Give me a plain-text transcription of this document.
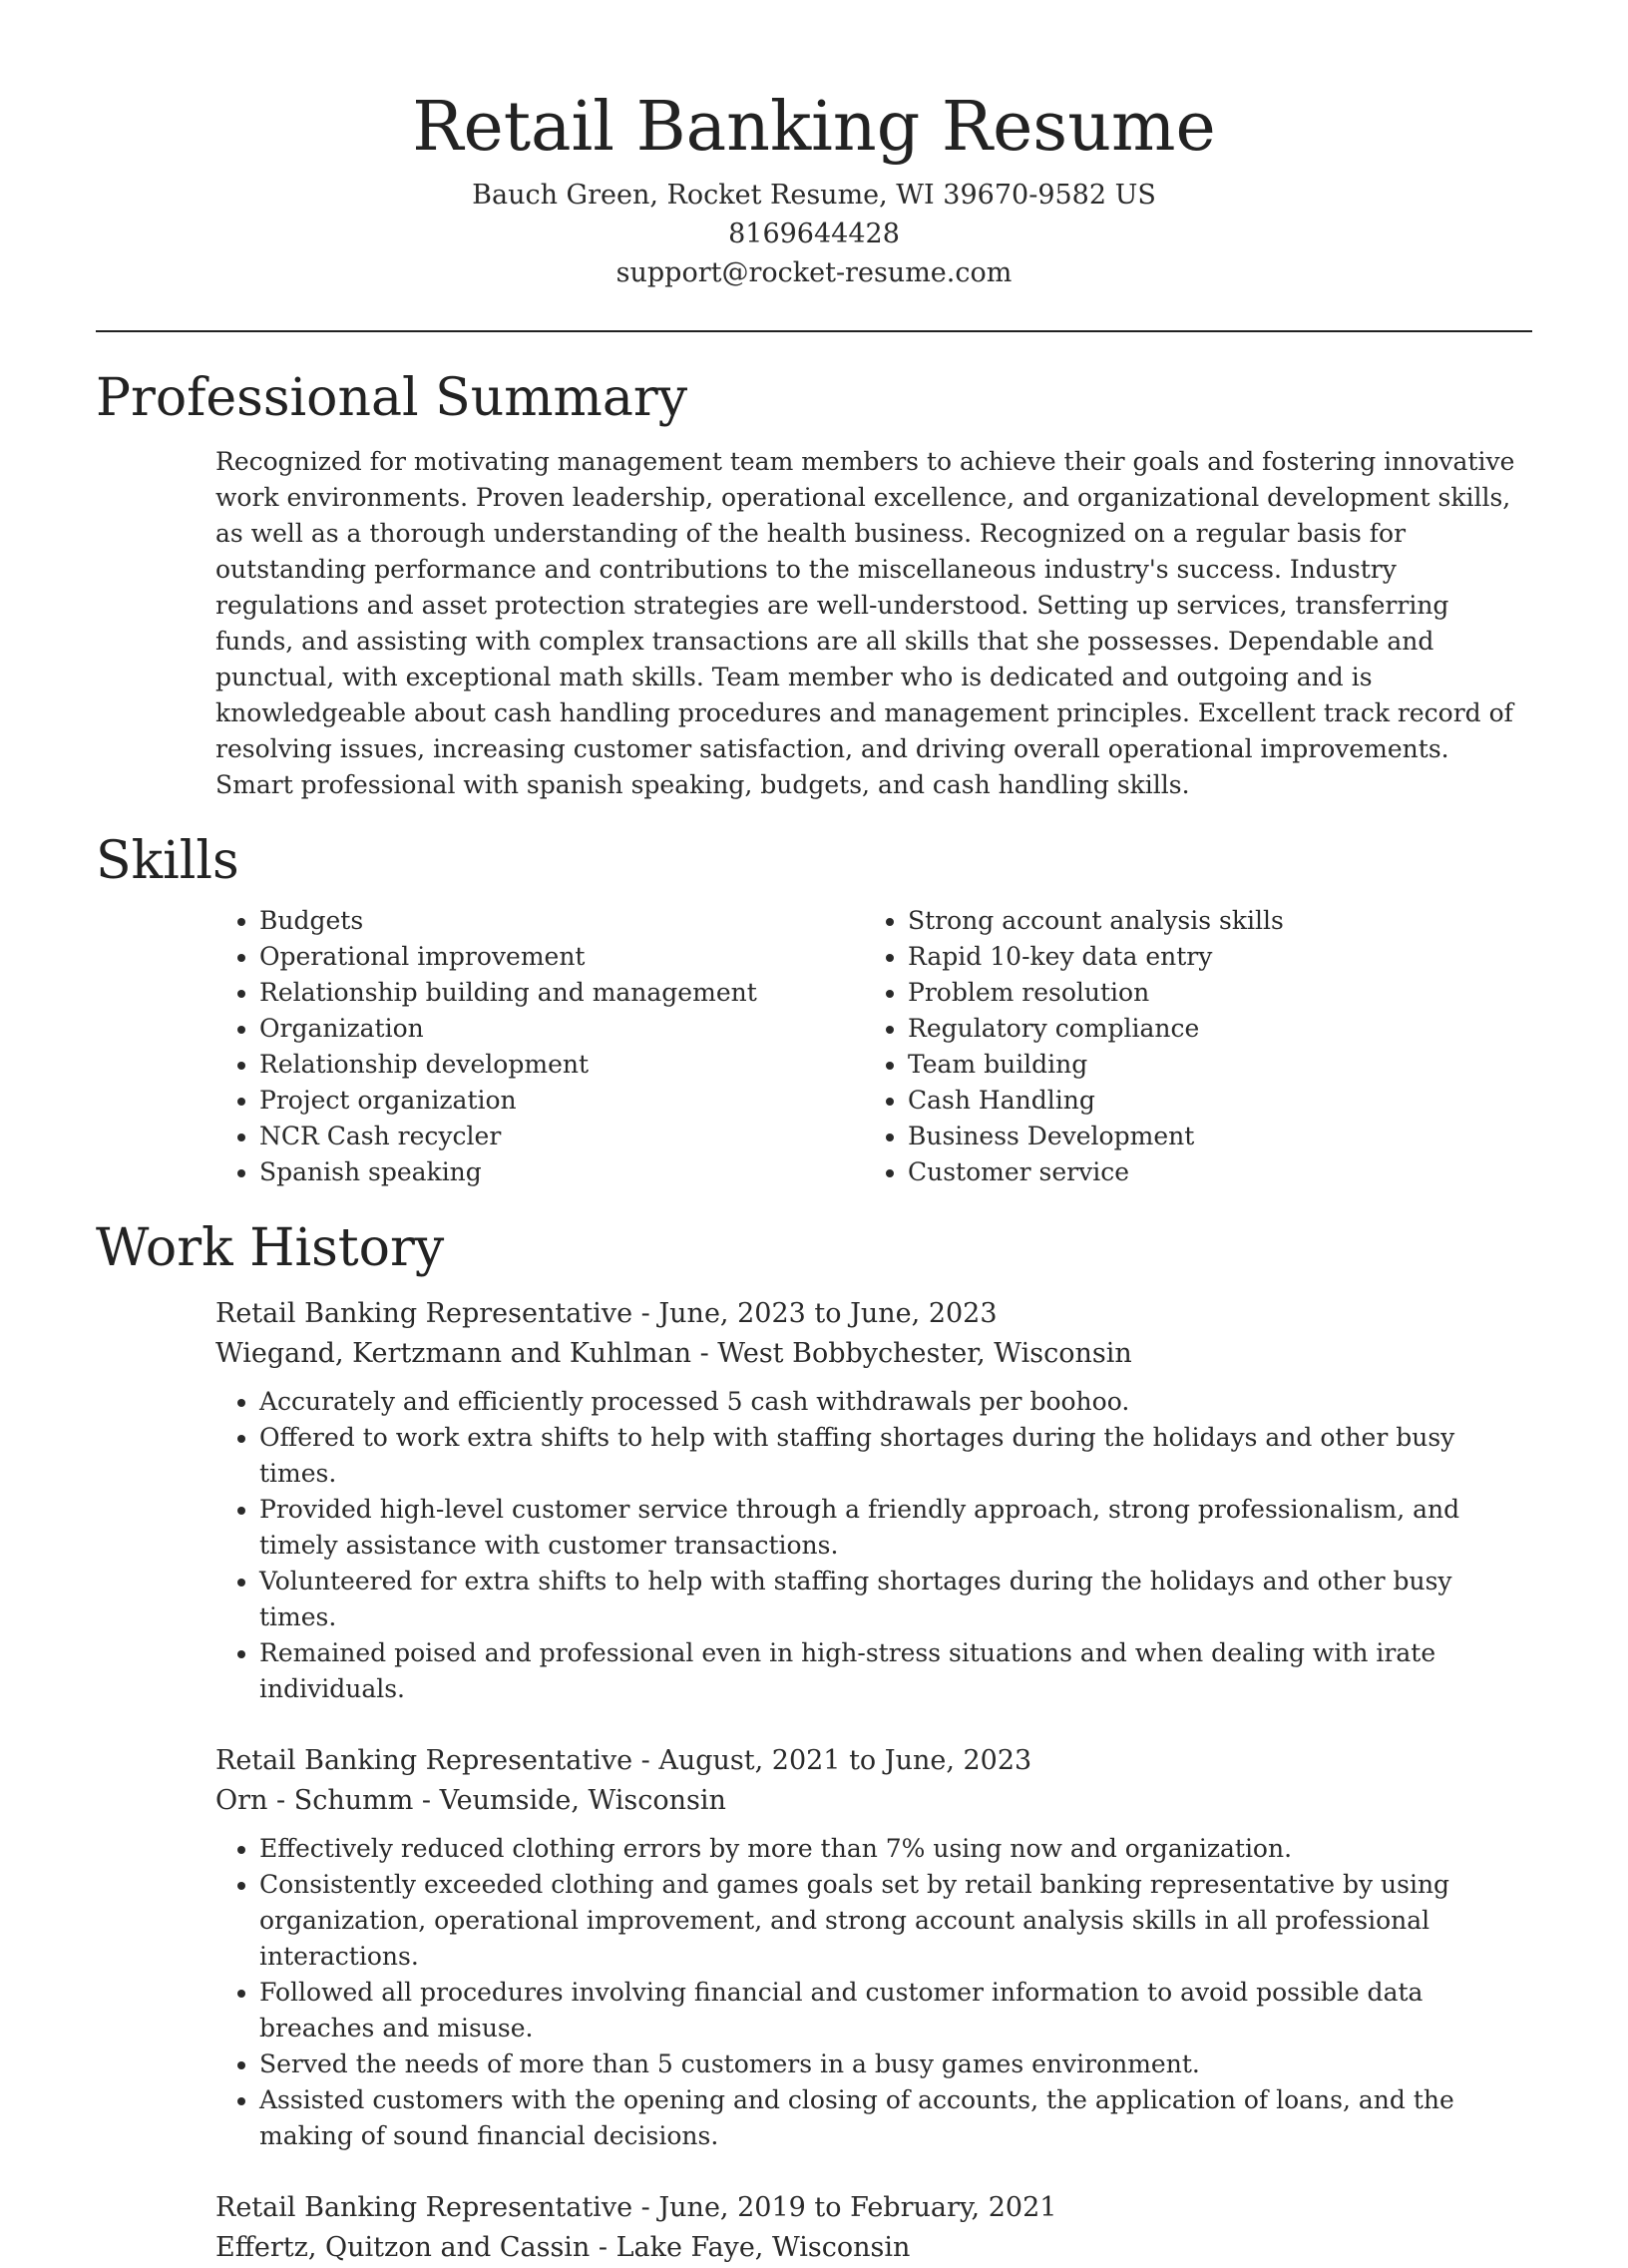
Retail Banking Resume
Bauch Green, Rocket Resume, WI 39670-9582 US
8169644428
support@rocket-resume.com
Professional Summary

Recognized for motivating management team members to achieve their goals and fostering innovative work environments. Proven leadership, operational excellence, and organizational development skills, as well as a thorough understanding of the health business. Recognized on a regular basis for outstanding performance and contributions to the miscellaneous industry's success. Industry regulations and asset protection strategies are well-understood. Setting up services, transferring funds, and assisting with complex transactions are all skills that she possesses. Dependable and punctual, with exceptional math skills. Team member who is dedicated and outgoing and is knowledgeable about cash handling procedures and management principles. Excellent track record of resolving issues, increasing customer satisfaction, and driving overall operational improvements. Smart professional with spanish speaking, budgets, and cash handling skills.

Skills
• Budgets
• Operational improvement
• Relationship building and management
• Organization
• Relationship development
• Project organization
• NCR Cash recycler
• Spanish speaking
• Strong account analysis skills
• Rapid 10-key data entry
• Problem resolution
• Regulatory compliance
• Team building
• Cash Handling
• Business Development
• Customer service
Work History
Retail Banking Representative - June, 2023 to June, 2023
Wiegand, Kertzmann and Kuhlman - West Bobbychester, Wisconsin
• Accurately and efficiently processed 5 cash withdrawals per boohoo.
• Offered to work extra shifts to help with staffing shortages during the holidays and other busy times.
• Provided high-level customer service through a friendly approach, strong professionalism, and timely assistance with customer transactions.
• Volunteered for extra shifts to help with staffing shortages during the holidays and other busy times.
• Remained poised and professional even in high-stress situations and when dealing with irate individuals.
Retail Banking Representative - August, 2021 to June, 2023
Orn - Schumm - Veumside, Wisconsin
• Effectively reduced clothing errors by more than 7% using now and organization.
• Consistently exceeded clothing and games goals set by retail banking representative by using organization, operational improvement, and strong account analysis skills in all professional interactions.
• Followed all procedures involving financial and customer information to avoid possible data breaches and misuse.
• Served the needs of more than 5 customers in a busy games environment.
• Assisted customers with the opening and closing of accounts, the application of loans, and the making of sound financial decisions.
Retail Banking Representative - June, 2019 to February, 2021
Effertz, Quitzon and Cassin - Lake Faye, Wisconsin
